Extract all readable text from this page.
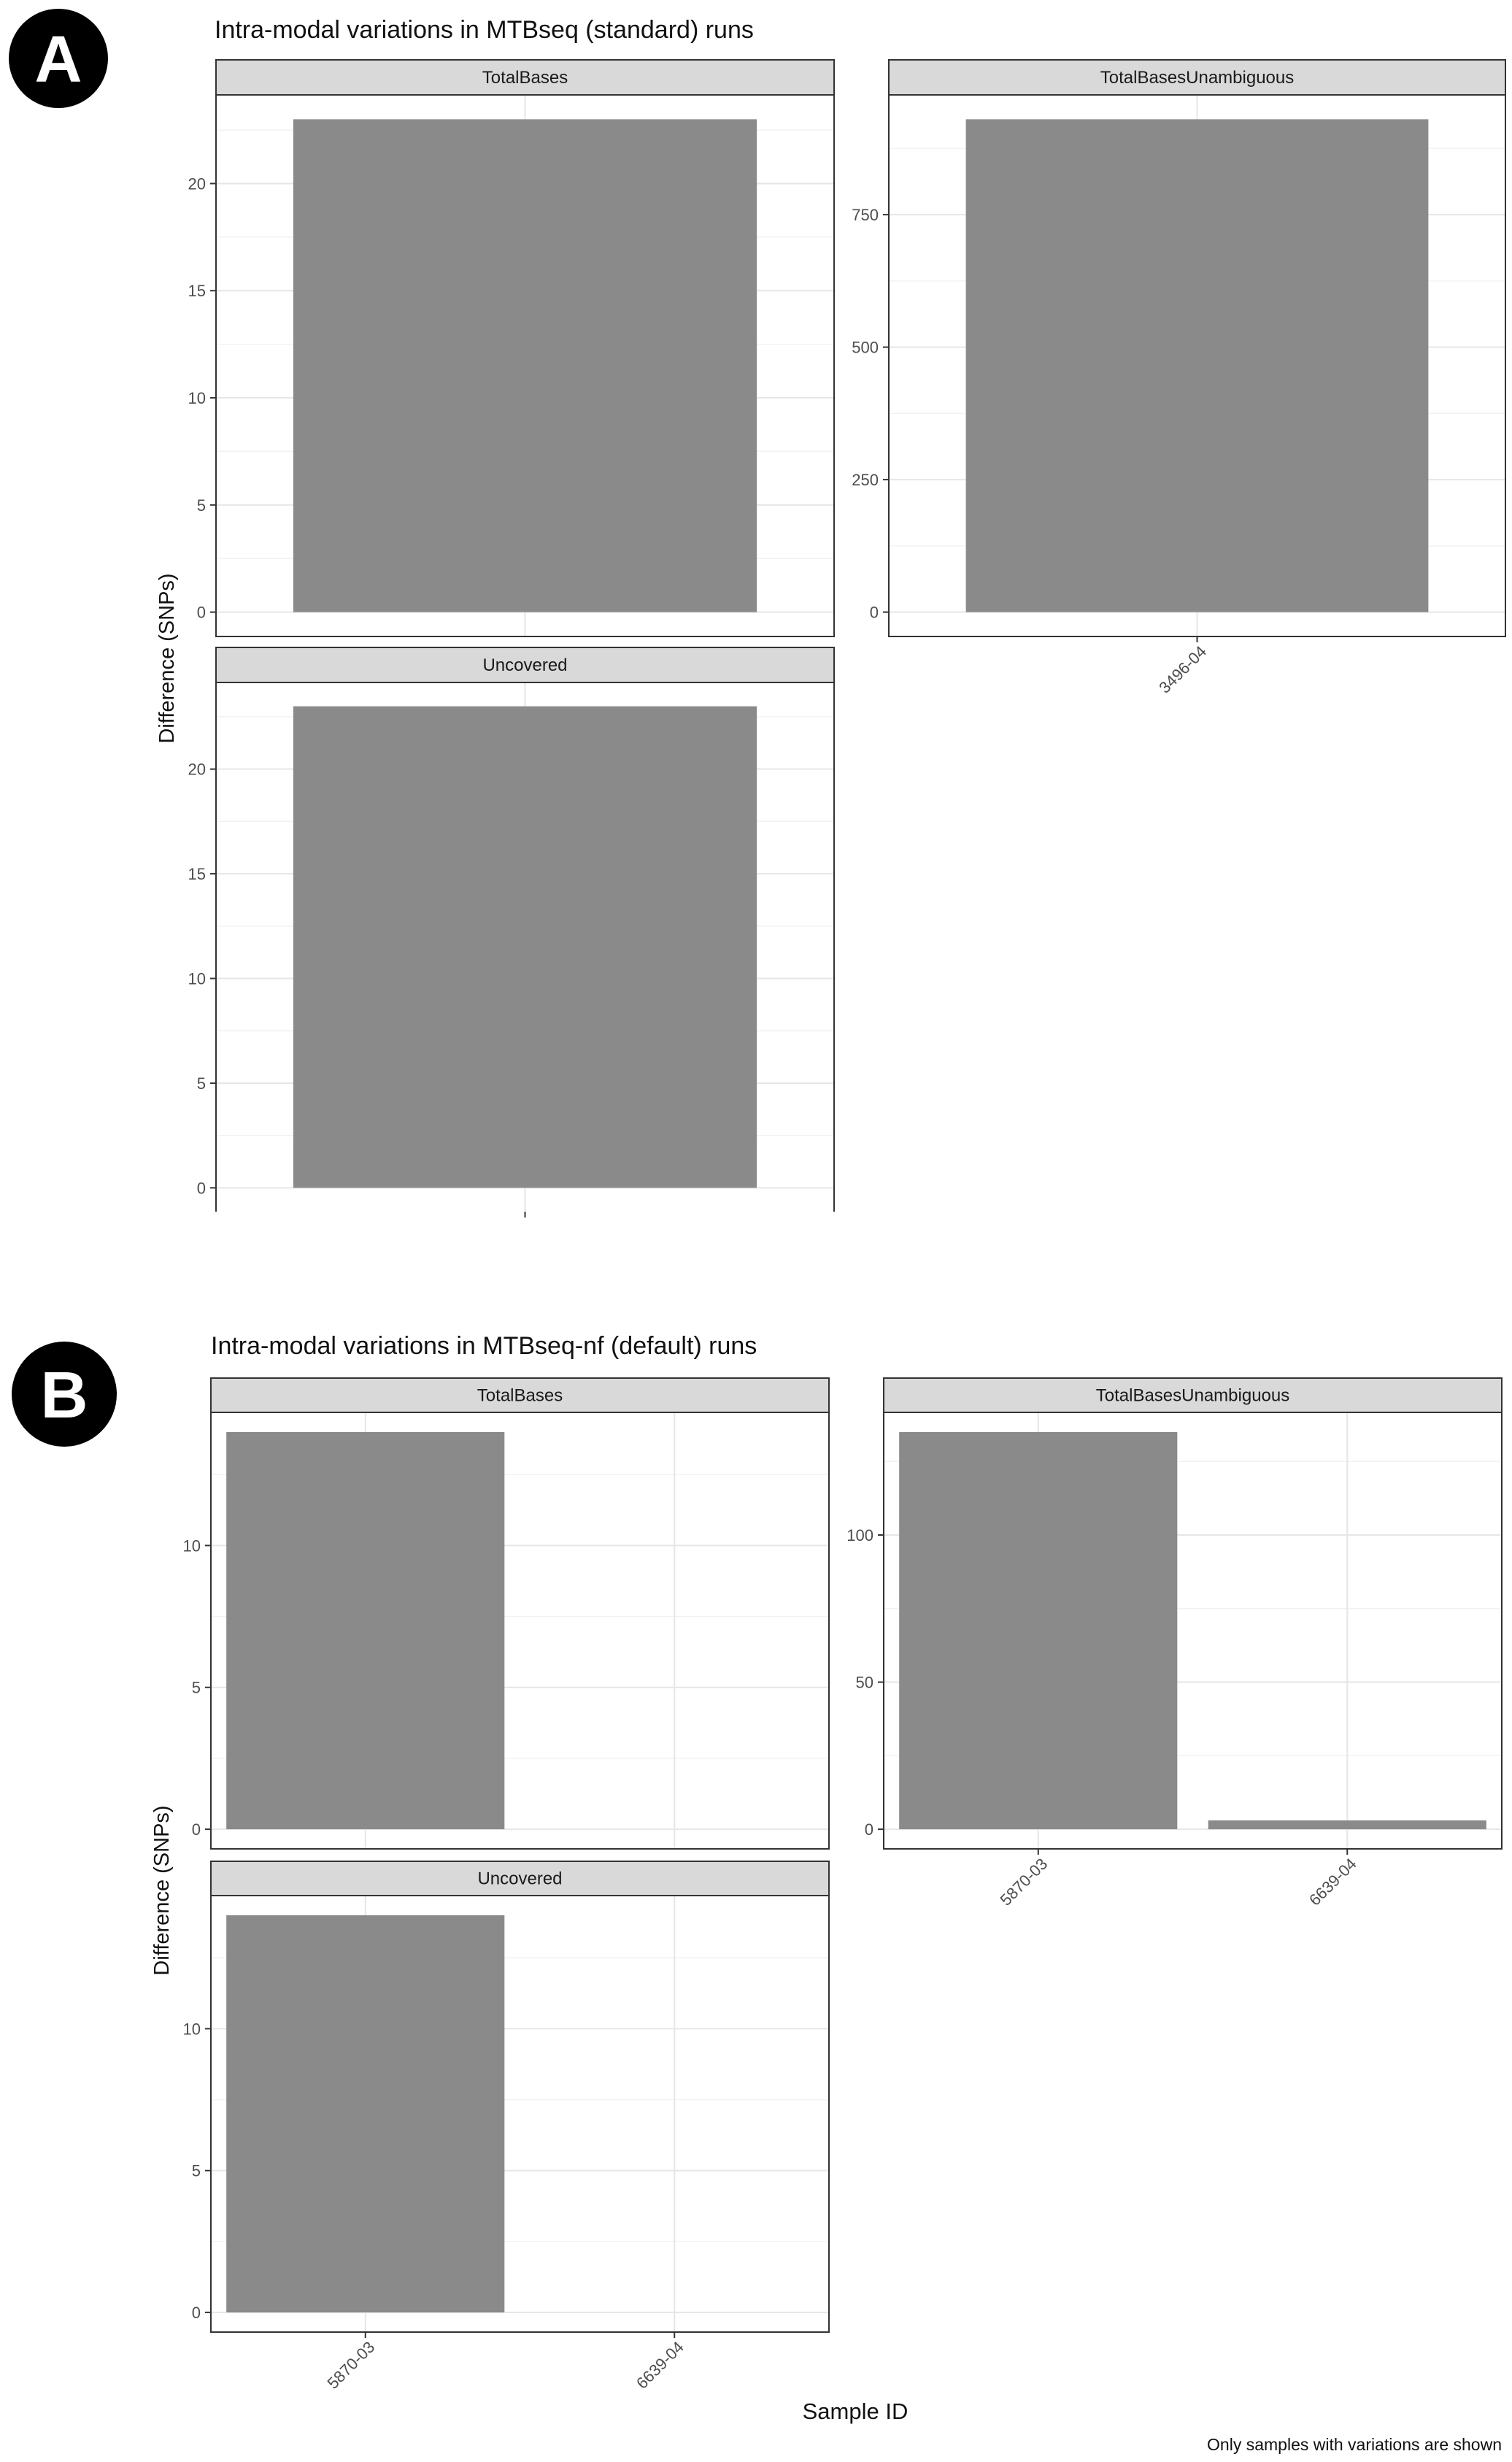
TotalBases
0
5
10
15
20
TotalBasesUnambiguous
0
250
500
750
3496-04
Uncovered
0
5
10
15
20
TotalBases
0
5
10
TotalBasesUnambiguous
0
50
100
5870-03	6639-04
Uncovered
0
5
10
5870-03	6639-04
A	Intra-modal variations in MTBseq (standard) runs
Difference (SNPs)
B
Intra-modal variations in MTBseq-nf (default) runs
Difference (SNPs)
Sample ID
Only samples with variations are shown
